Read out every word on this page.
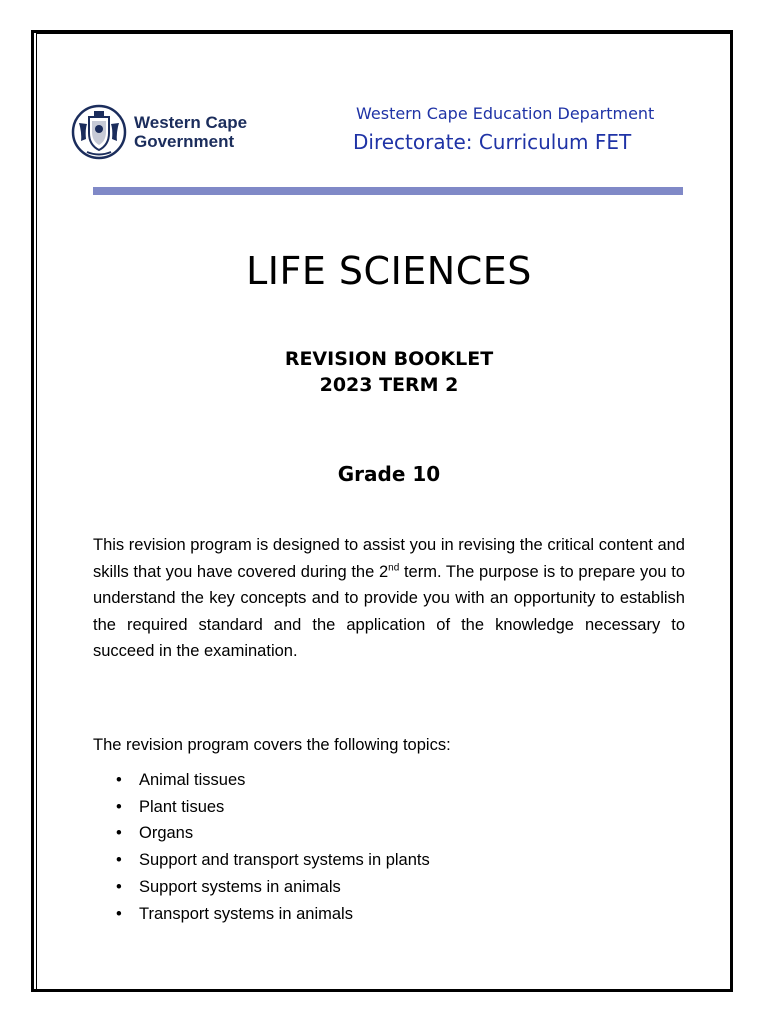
Western Cape
Government
Western Cape Education Department
Directorate: Curriculum FET
LIFE SCIENCES
REVISION BOOKLET
2023 TERM 2
Grade 10

This revision program is designed to assist you in revising the critical content and skills that you have covered during the 2nd term. The purpose is to prepare you to understand the key concepts and to provide you with an opportunity to establish the required standard and the application of the knowledge necessary to succeed in the examination.

The revision program covers the following topics:

• Animal tissues
• Plant tisues
• Organs
• Support and transport systems in plants
• Support systems in animals
• Transport systems in animals
